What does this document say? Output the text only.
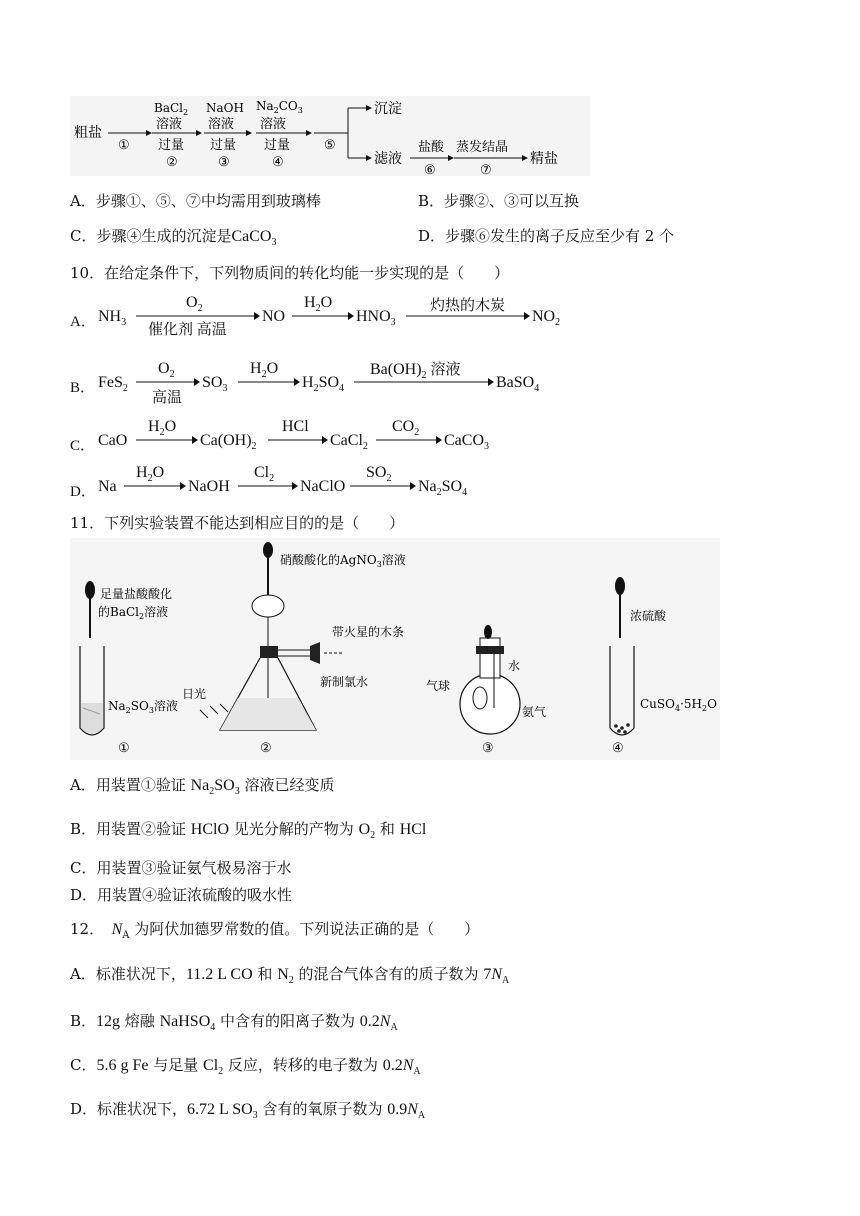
粗盐
①
BaCl$_2$
溶液
过量
②
NaOH
溶液
过量
③
$Na_2CO_3$
溶液
过量
④
⑤
沉淀
滤液
盐酸
⑥
蒸发结晶
⑦
精盐
A．步骤①、⑤、⑦中均需用到玻璃棒	B．步骤②、③可以互换
C．步骤④生成的沉淀是CaCO$_3$	D．步骤⑥发生的离子反应至少有 2 个
10．在给定条件下，下列物质间的转化均能一步实现的是（　　）
A． $NH_3$
$O_2$
催化剂 高温
NO
$H_2O$
$HNO_3$
灼热的木炭
$NO_2$
B． FeS$_2$
$O_2$
高温
$SO_3$
$H_2O$
$H_2SO_4$
$Ba(OH)_2$ 溶液
BaSO$_4$
C． CaO
$H_2O$
$Ca(OH)_2$
HCl
CaCl$_2$
$CO_2$ CaCO$_3$
D． Na
$H_2O$
NaOH
$Cl_2$ NaClO
$SO_2$ $Na_2SO_4$
11．下列实验装置不能达到相应目的的是（　　）
足量盐酸酸化
的BaCl$_2$溶液
$Na_2SO_3$溶液
①
硝酸酸化的AgNO$_3$溶液
带火星的木条
新制氯水
日光
②
气球
水
氨气
③
浓硫酸
$CuSO_4\cdot 5H_2O$
④
A．用装置①验证 $Na_2SO_3$ 溶液已经变质
B．用装置②验证 HClO 见光分解的产物为 $O_2$ 和 HCl
C．用装置③验证氨气极易溶于水
D．用装置④验证浓硫酸的吸水性
12．　$N_A$ 为阿伏加德罗常数的值。下列说法正确的是（　　）
A．标准状况下，11.2 L CO 和 $N_2$ 的混合气体含有的质子数为 $7N_A$
B．12g 熔融 NaHSO$_4$ 中含有的阳离子数为 $0.2N_A$
C．5.6 g Fe 与足量 $Cl_2$ 反应，转移的电子数为 $0.2N_A$
D．标准状况下，6.72 L $SO_3$ 含有的氧原子数为 $0.9N_A$
